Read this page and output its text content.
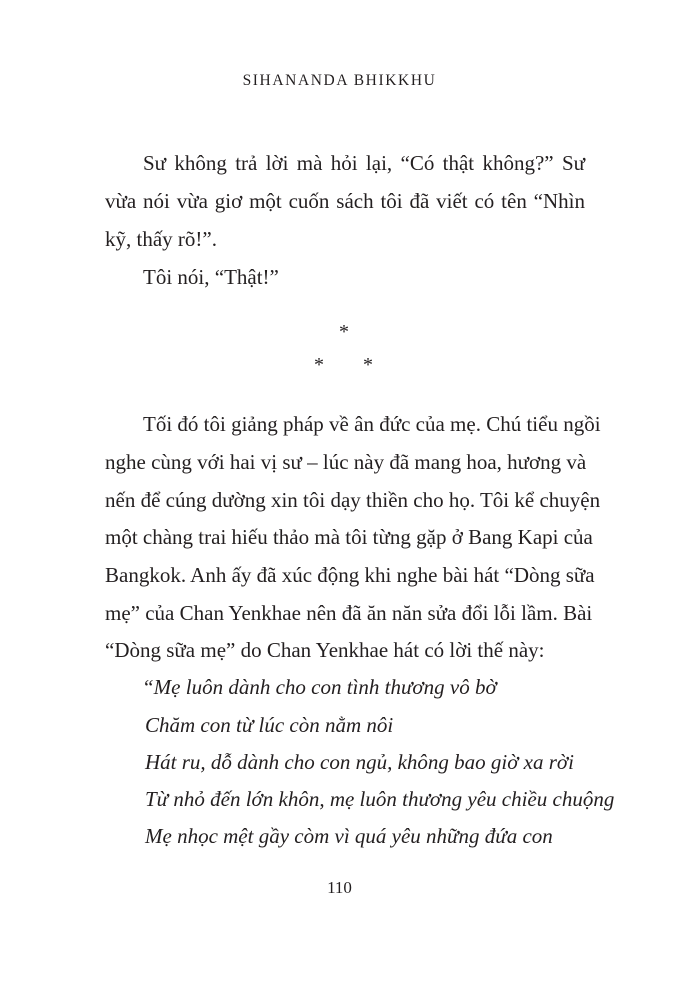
SIHANANDA BHIKKHU
Sư không trả lời mà hỏi lại, “Có thật không?” Sư
vừa nói vừa giơ một cuốn sách tôi đã viết có tên “Nhìn
kỹ, thấy rõ!”.
Tôi nói, “Thật!”
*
* *
Tối đó tôi giảng pháp về ân đức của mẹ. Chú tiểu ngồi
nghe cùng với hai vị sư – lúc này đã mang hoa, hương và
nến để cúng dường xin tôi dạy thiền cho họ. Tôi kể chuyện
một chàng trai hiếu thảo mà tôi từng gặp ở Bang Kapi của
Bangkok. Anh ấy đã xúc động khi nghe bài hát “Dòng sữa
mẹ” của Chan Yenkhae nên đã ăn năn sửa đổi lỗi lầm. Bài
“Dòng sữa mẹ” do Chan Yenkhae hát có lời thế này:
“Mẹ luôn dành cho con tình thương vô bờ
Chăm con từ lúc còn nằm nôi
Hát ru, dỗ dành cho con ngủ, không bao giờ xa rời
Từ nhỏ đến lớn khôn, mẹ luôn thương yêu chiều chuộng
Mẹ nhọc mệt gầy còm vì quá yêu những đứa con
110
